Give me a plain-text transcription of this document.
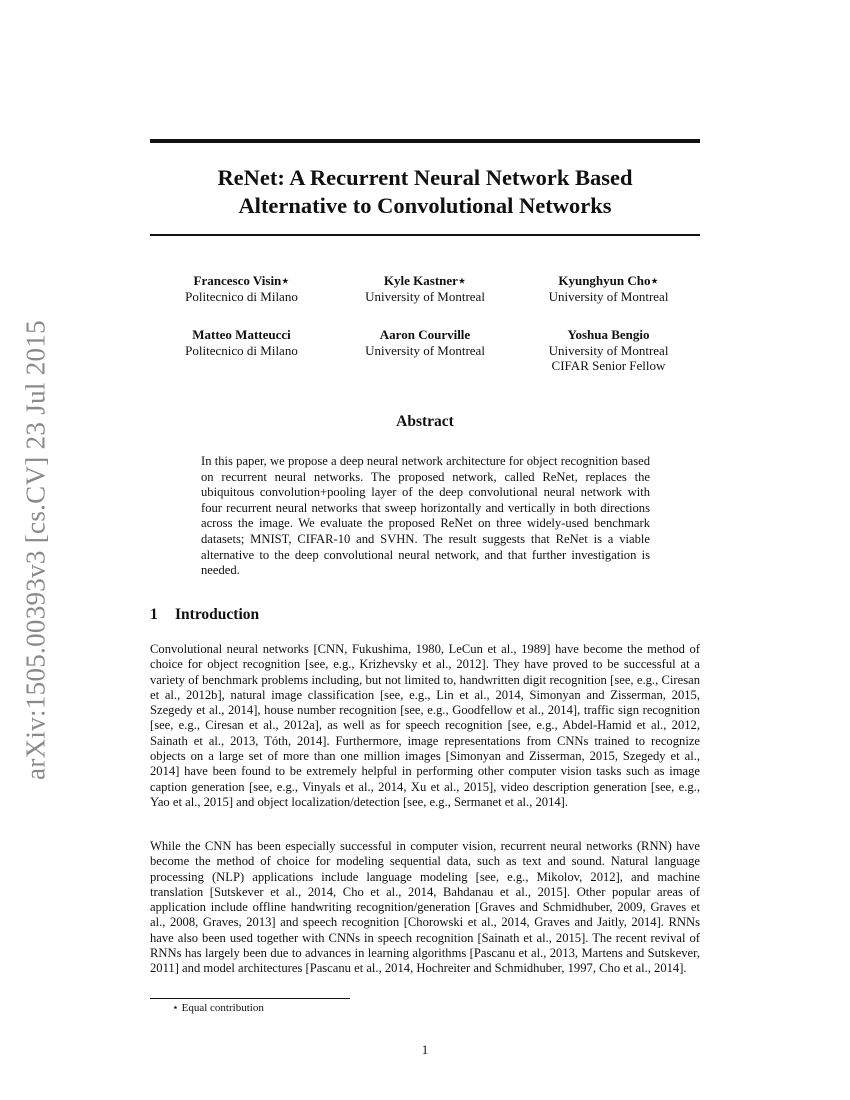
arXiv:1505.00393v3 [cs.CV] 23 Jul 2015
ReNet: A Recurrent Neural Network Based
Alternative to Convolutional Networks
Francesco Visin⋆
Politecnico di Milano
Kyle Kastner⋆
University of Montreal
Kyunghyun Cho⋆
University of Montreal
Matteo Matteucci
Politecnico di Milano
Aaron Courville
University of Montreal
Yoshua Bengio
University of Montreal
CIFAR Senior Fellow
Abstract

In this paper, we propose a deep neural network architecture for object recognition based on recurrent neural networks. The proposed network, called ReNet, replaces the ubiquitous convolution+pooling layer of the deep convolutional neural network with four recurrent neural networks that sweep horizontally and vertically in both directions across the image. We evaluate the proposed ReNet on three widely-used benchmark datasets; MNIST, CIFAR-10 and SVHN. The result suggests that ReNet is a viable alternative to the deep convolutional neural network, and that further investigation is needed.

1 Introduction

Convolutional neural networks [CNN, Fukushima, 1980, LeCun et al., 1989] have become the method of choice for object recognition [see, e.g., Krizhevsky et al., 2012]. They have proved to be successful at a variety of benchmark problems including, but not limited to, handwritten digit recognition [see, e.g., Ciresan et al., 2012b], natural image classification [see, e.g., Lin et al., 2014, Simonyan and Zisserman, 2015, Szegedy et al., 2014], house number recognition [see, e.g., Goodfellow et al., 2014], traffic sign recognition [see, e.g., Ciresan et al., 2012a], as well as for speech recognition [see, e.g., Abdel-Hamid et al., 2012, Sainath et al., 2013, Tóth, 2014]. Furthermore, image representations from CNNs trained to recognize objects on a large set of more than one million images [Simonyan and Zisserman, 2015, Szegedy et al., 2014] have been found to be extremely helpful in performing other computer vision tasks such as image caption generation [see, e.g., Vinyals et al., 2014, Xu et al., 2015], video description generation [see, e.g., Yao et al., 2015] and object localization/detection [see, e.g., Sermanet et al., 2014].

While the CNN has been especially successful in computer vision, recurrent neural networks (RNN) have become the method of choice for modeling sequential data, such as text and sound. Natural language processing (NLP) applications include language modeling [see, e.g., Mikolov, 2012], and machine translation [Sutskever et al., 2014, Cho et al., 2014, Bahdanau et al., 2015]. Other popular areas of application include offline handwriting recognition/generation [Graves and Schmidhuber, 2009, Graves et al., 2008, Graves, 2013] and speech recognition [Chorowski et al., 2014, Graves and Jaitly, 2014]. RNNs have also been used together with CNNs in speech recognition [Sainath et al., 2015]. The recent revival of RNNs has largely been due to advances in learning algorithms [Pascanu et al., 2013, Martens and Sutskever, 2011] and model architectures [Pascanu et al., 2014, Hochreiter and Schmidhuber, 1997, Cho et al., 2014].

⋆ Equal contribution

1
